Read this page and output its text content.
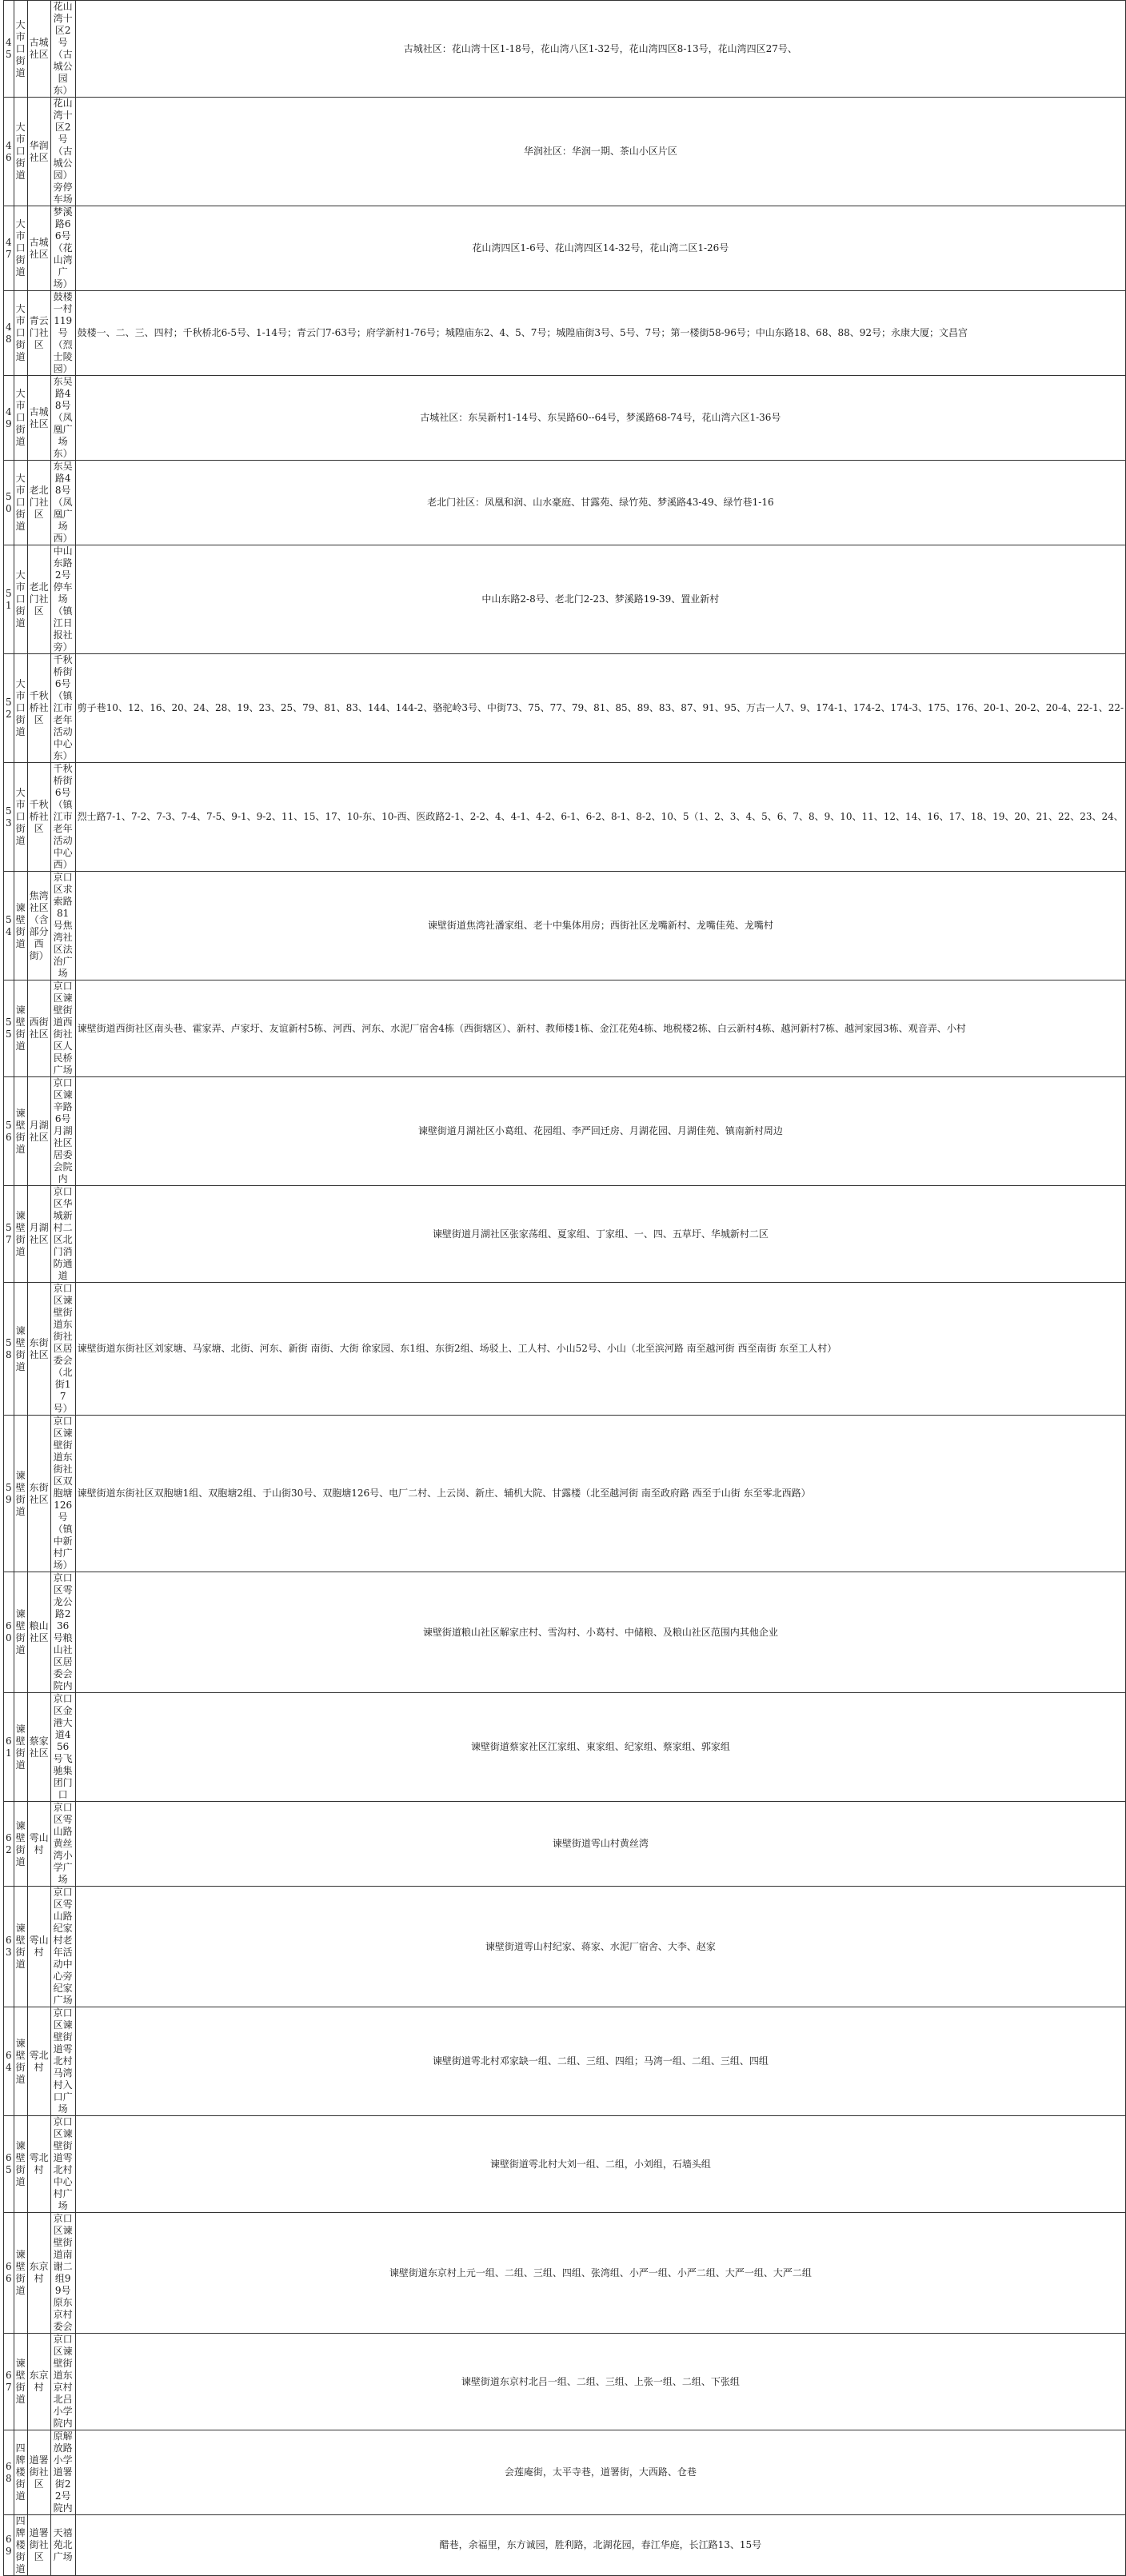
45	大市口街道	古城社区	花山湾十区2号（古城公园东）	古城社区：花山湾十区1-18号，花山湾八区1-32号，花山湾四区8-13号，花山湾四区27号、
46	大市口街道	华润社区	花山湾十区2号（古城公园）旁停车场	华润社区：华润一期、茶山小区片区
47	大市口街道	古城社区	梦溪路66号（花山湾广场）	花山湾四区1-6号、花山湾四区14-32号，花山湾二区1-26号
48	大市口街道	青云门社区	鼓楼一村119号（烈士陵园）	鼓楼一、二、三、四村；千秋桥北6-5号、1-14号；青云门7-63号；府学新村1-76号；城隍庙东2、4、5、7号；城隍庙街3号、5号、7号；第一楼街58-96号；中山东路18、68、88、92号；永康大厦；文昌宫
49	大市口街道	古城社区	东吴路48号（凤凰广场东）	古城社区：东吴新村1-14号、东吴路60--64号，梦溪路68-74号，花山湾六区1-36号
50	大市口街道	老北门社区	东吴路48号（凤凰广场西）	老北门社区：凤凰和润、山水豪庭、甘露苑、绿竹苑、梦溪路43-49、绿竹巷1-16
51	大市口街道	老北门社区	中山东路2号停车场（镇江日报社旁）	中山东路2-8号、老北门2-23、梦溪路19-39、置业新村
52	大市口街道	千秋桥社区	千秋桥街6号（镇江市老年活动中心东）	剪子巷10、12、16、20、24、28、19、23、25、79、81、83、144、144-2、骆驼岭3号、中街73、75、77、79、81、85、89、83、87、91、95、万古一人7、9、174-1、174-2、174-3、175、176、20-1、20-2、20-4、22-1、22-
53	大市口街道	千秋桥社区	千秋桥街6号（镇江市老年活动中心西）	烈士路7-1、7-2、7-3、7-4、7-5、9-1、9-2、11、15、17、10-东、10-西、医政路2-1、2-2、4、4-1、4-2、6-1、6-2、8-1、8-2、10、5（1、2、3、4、5、6、7、8、9、10、11、12、14、16、17、18、19、20、21、22、23、24、
54	谏壁街道	焦湾社区（含部分西街）	京口区求索路81号焦湾社区法治广场	谏壁街道焦湾社潘家组、老十中集体用房；西街社区龙嘴新村、龙嘴佳苑、龙嘴村
55	谏壁街道	西街社区	京口区谏壁街道西街社区人民桥广场	谏壁街道西街社区南头巷、霍家弄、卢家圩、友谊新村5栋、河西、河东、水泥厂宿舍4栋（西街辖区）、新村、教师楼1栋、金江花苑4栋、地税楼2栋、白云新村4栋、越河新村7栋、越河家园3栋、观音弄、小村
56	谏壁街道	月湖社区	京口区谏辛路6号月湖社区居委会院内	谏壁街道月湖社区小葛组、花园组、李严回迁房、月湖花园、月湖佳苑、镇南新村周边
57	谏壁街道	月湖社区	京口区华城新村二区北门消防通道	谏壁街道月湖社区张家荡组、夏家组、丁家组、一、四、五草圩、华城新村二区
58	谏壁街道	东街社区	京口区谏壁街道东街社区居委会（北街17号）	谏壁街道东街社区刘家塘、马家塘、北街、河东、新街 南街、大街 徐家园、东1组、东街2组、场驳上、工人村、小山52号、小山（北至滨河路 南至越河街 西至南街 东至工人村）
59	谏壁街道	东街社区	京口区谏壁街道东街社区双胞塘126号（镇中新村广场）	谏壁街道东街社区双胞塘1组、双胞塘2组、于山街30号、双胞塘126号、电厂二村、上云岗、新庄、辅机大院、甘露楼（北至越河街 南至政府路 西至于山街 东至零北西路）
60	谏壁街道	粮山社区	京口区雩龙公路236号粮山社区居委会院内	谏壁街道粮山社区解家庄村、雪沟村、小葛村、中储粮、及粮山社区范围内其他企业
61	谏壁街道	蔡家社区	京口区金港大道456号飞驰集团门口	谏壁街道蔡家社区江家组、東家组、纪家组、蔡家组、郭家组
62	谏壁街道	雩山村	京口区雩山路黄丝湾小学广场	谏壁街道雩山村黄丝湾
63	谏壁街道	雩山村	京口区雩山路纪家村老年活动中心旁纪家广场	谏壁街道雩山村纪家、蒋家、水泥厂宿舍、大李、赵家
64	谏壁街道	雩北村	京口区谏壁街道雩北村马湾村入口广场	谏壁街道雩北村邓家缺一组、二组、三组、四组；马湾一组、二组、三组、四组
65	谏壁街道	雩北村	京口区谏壁街道雩北村中心村广场	谏壁街道雩北村大刘一组、二组，小刘组，石墙头组
66	谏壁街道	东京村	京口区谏壁街道南谢二组99号原东京村委会	谏壁街道东京村上元一组、二组、三组、四组、张湾组、小严一组、小严二组、大严一组、大严二组
67	谏壁街道	东京村	京口区谏壁街道东京村北吕小学院内	谏壁街道东京村北吕一组、二组、三组、上张一组、二组、下张组
68	四牌楼街道	道署街社区	原解放路小学道署街22号院内	会莲庵街，太平寺巷，道署街，大西路、仓巷
69	四牌楼街道	道署街社区	天禧苑北广场	醋巷，余福里，东方诚园，胜利路，北湖花园，春江华庭，长江路13、15号
